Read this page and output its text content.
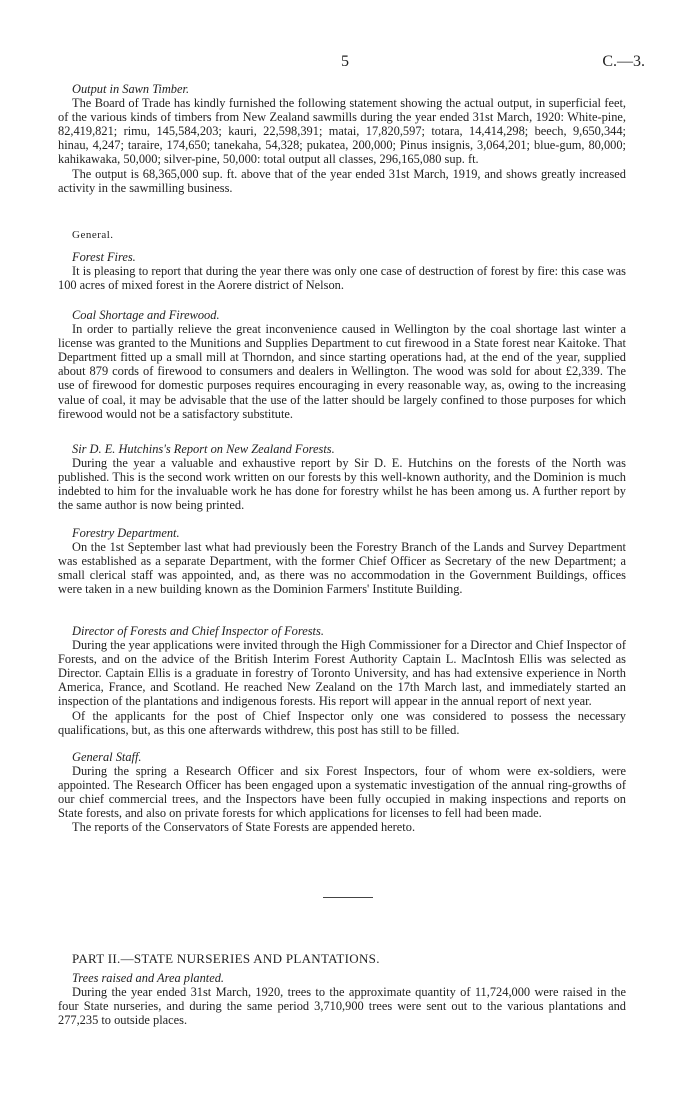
5	C.—3.

Output in Sawn Timber.

The Board of Trade has kindly furnished the following statement showing the actual output, in superficial feet, of the various kinds of timbers from New Zealand sawmills during the year ended 31st March, 1920: White-pine, 82,419,821; rimu, 145,584,203; kauri, 22,598,391; matai, 17,820,597; totara, 14,414,298; beech, 9,650,344; hinau, 4,247; taraire, 174,650; tanekaha, 54,328; pukatea, 200,000; Pinus insignis, 3,064,201; blue-gum, 80,000; kahikawaka, 50,000; silver-pine, 50,000: total output all classes, 296,165,080 sup. ft.

The output is 68,365,000 sup. ft. above that of the year ended 31st March, 1919, and shows greatly increased activity in the sawmilling business.

General.

Forest Fires.

It is pleasing to report that during the year there was only one case of destruction of forest by fire: this case was 100 acres of mixed forest in the Aorere district of Nelson.

Coal Shortage and Firewood.

In order to partially relieve the great inconvenience caused in Wellington by the coal shortage last winter a license was granted to the Munitions and Supplies Department to cut firewood in a State forest near Kaitoke. That Department fitted up a small mill at Thorndon, and since starting operations had, at the end of the year, supplied about 879 cords of firewood to consumers and dealers in Wellington. The wood was sold for about £2,339. The use of firewood for domestic purposes requires encouraging in every reasonable way, as, owing to the increasing value of coal, it may be advisable that the use of the latter should be largely confined to those purposes for which firewood would not be a satisfactory substitute.

Sir D. E. Hutchins's Report on New Zealand Forests.

During the year a valuable and exhaustive report by Sir D. E. Hutchins on the forests of the North was published. This is the second work written on our forests by this well-known authority, and the Dominion is much indebted to him for the invaluable work he has done for forestry whilst he has been among us. A further report by the same author is now being printed.

Forestry Department.

On the 1st September last what had previously been the Forestry Branch of the Lands and Survey Department was established as a separate Department, with the former Chief Officer as Secretary of the new Department; a small clerical staff was appointed, and, as there was no accommodation in the Government Buildings, offices were taken in a new building known as the Dominion Farmers' Institute Building.

Director of Forests and Chief Inspector of Forests.

During the year applications were invited through the High Commissioner for a Director and Chief Inspector of Forests, and on the advice of the British Interim Forest Authority Captain L. MacIntosh Ellis was selected as Director. Captain Ellis is a graduate in forestry of Toronto University, and has had extensive experience in North America, France, and Scotland. He reached New Zealand on the 17th March last, and immediately started an inspection of the plantations and indigenous forests. His report will appear in the annual report of next year.

Of the applicants for the post of Chief Inspector only one was considered to possess the necessary qualifications, but, as this one afterwards withdrew, this post has still to be filled.

General Staff.

During the spring a Research Officer and six Forest Inspectors, four of whom were ex-soldiers, were appointed. The Research Officer has been engaged upon a systematic investigation of the annual ring-growths of our chief commercial trees, and the Inspectors have been fully occupied in making inspections and reports on State forests, and also on private forests for which applications for licenses to fell had been made.

The reports of the Conservators of State Forests are appended hereto.

PART II.—STATE NURSERIES AND PLANTATIONS.

Trees raised and Area planted.

During the year ended 31st March, 1920, trees to the approximate quantity of 11,724,000 were raised in the four State nurseries, and during the same period 3,710,900 trees were sent out to the various plantations and 277,235 to outside places.
